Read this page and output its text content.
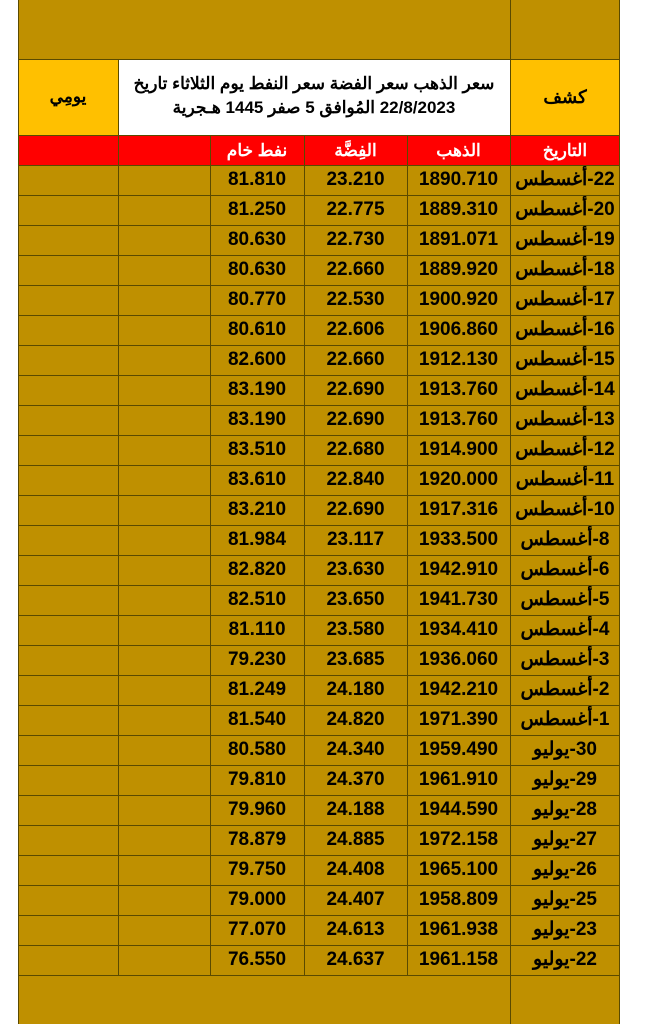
يومِي
سعر الذهب سعر الفضة سعر النفط يوم الثلاثاء تاريخ
22/8/2023 المُوافق 5 صفر 1445 هـجرية
كشف
التاريخ
الذهب
الفِضَّة
نفط خام
22-أغسطس
1890.710
23.210
81.810
20-أغسطس
1889.310
22.775
81.250
19-أغسطس
1891.071
22.730
80.630
18-أغسطس
1889.920
22.660
80.630
17-أغسطس
1900.920
22.530
80.770
16-أغسطس
1906.860
22.606
80.610
15-أغسطس
1912.130
22.660
82.600
14-أغسطس
1913.760
22.690
83.190
13-أغسطس
1913.760
22.690
83.190
12-أغسطس
1914.900
22.680
83.510
11-أغسطس
1920.000
22.840
83.610
10-أغسطس
1917.316
22.690
83.210
8-أغسطس
1933.500
23.117
81.984
6-أغسطس
1942.910
23.630
82.820
5-أغسطس
1941.730
23.650
82.510
4-أغسطس
1934.410
23.580
81.110
3-أغسطس
1936.060
23.685
79.230
2-أغسطس
1942.210
24.180
81.249
1-أغسطس
1971.390
24.820
81.540
30-يوليو
1959.490
24.340
80.580
29-يوليو
1961.910
24.370
79.810
28-يوليو
1944.590
24.188
79.960
27-يوليو
1972.158
24.885
78.879
26-يوليو
1965.100
24.408
79.750
25-يوليو
1958.809
24.407
79.000
23-يوليو
1961.938
24.613
77.070
22-يوليو
1961.158
24.637
76.550
